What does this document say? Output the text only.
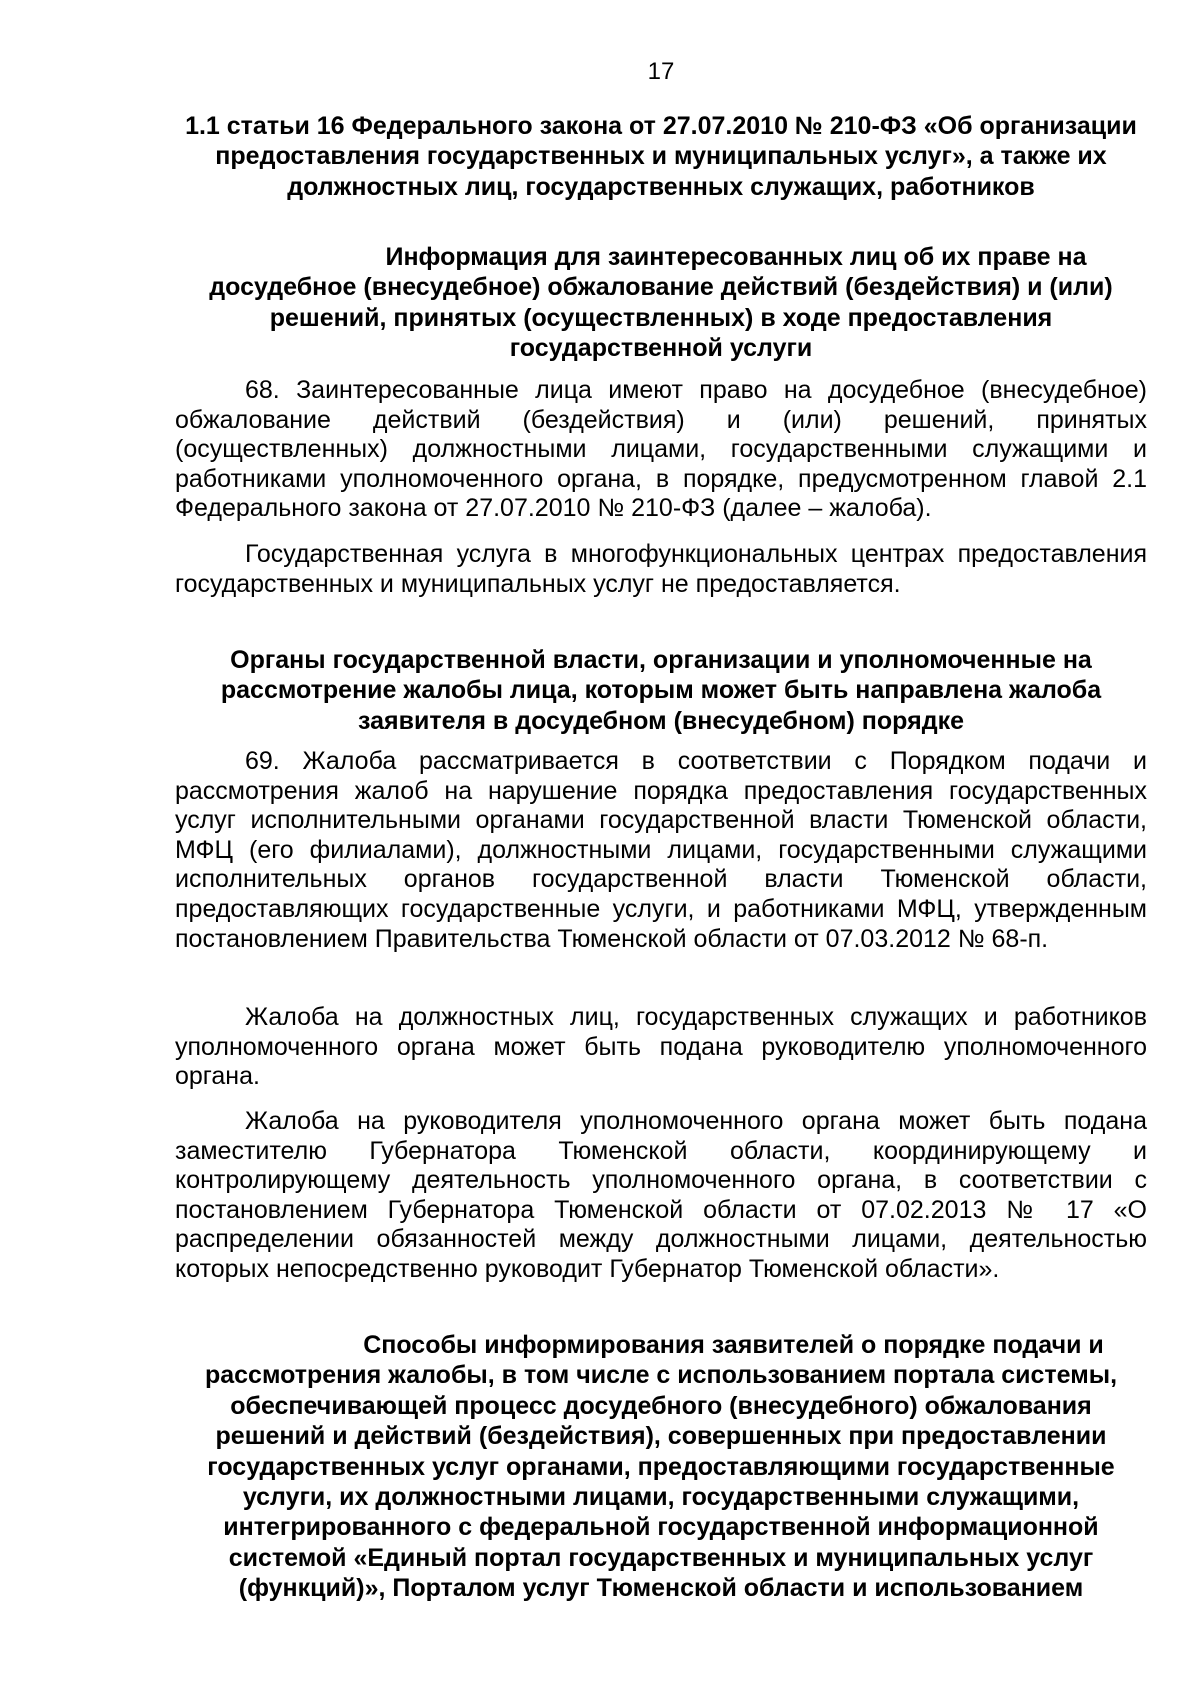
17

1.1 статьи 16 Федерального закона от 27.07.2010 № 210-ФЗ «Об организации предоставления государственных и муниципальных услуг», а также их должностных лиц, государственных служащих, работников

Информация для заинтересованных лиц об их праве на досудебное (внесудебное) обжалование действий (бездействия) и (или) решений, принятых (осуществленных) в ходе предоставления государственной услуги

68. Заинтересованные лица имеют право на досудебное (внесудебное) обжалование действий (бездействия) и (или) решений, принятых (осуществленных) должностными лицами, государственными служащими и работниками уполномоченного органа, в порядке, предусмотренном главой 2.1 Федерального закона от 27.07.2010 № 210-ФЗ (далее – жалоба).

Государственная услуга в многофункциональных центрах предоставления государственных и муниципальных услуг не предоставляется.

Органы государственной власти, организации и уполномоченные на рассмотрение жалобы лица, которым может быть направлена жалоба заявителя в досудебном (внесудебном) порядке

69. Жалоба рассматривается в соответствии с Порядком подачи и рассмотрения жалоб на нарушение порядка предоставления государственных услуг исполнительными органами государственной власти Тюменской области, МФЦ (его филиалами), должностными лицами, государственными служащими исполнительных органов государственной власти Тюменской области, предоставляющих государственные услуги, и работниками МФЦ, утвержденным постановлением Правительства Тюменской области от 07.03.2012 № 68-п.

Жалоба на должностных лиц, государственных служащих и работников уполномоченного органа может быть подана руководителю уполномоченного органа.

Жалоба на руководителя уполномоченного органа может быть подана заместителю Губернатора Тюменской области, координирующему и контролирующему деятельность уполномоченного органа, в соответствии с постановлением Губернатора Тюменской области от 07.02.2013 № 17 «О распределении обязанностей между должностными лицами, деятельностью которых непосредственно руководит Губернатор Тюменской области».

Способы информирования заявителей о порядке подачи и рассмотрения жалобы, в том числе с использованием портала системы, обеспечивающей процесс досудебного (внесудебного) обжалования решений и действий (бездействия), совершенных при предоставлении государственных услуг органами, предоставляющими государственные услуги, их должностными лицами, государственными служащими, интегрированного с федеральной государственной информационной системой «Единый портал государственных и муниципальных услуг (функций)», Порталом услуг Тюменской области и использованием
